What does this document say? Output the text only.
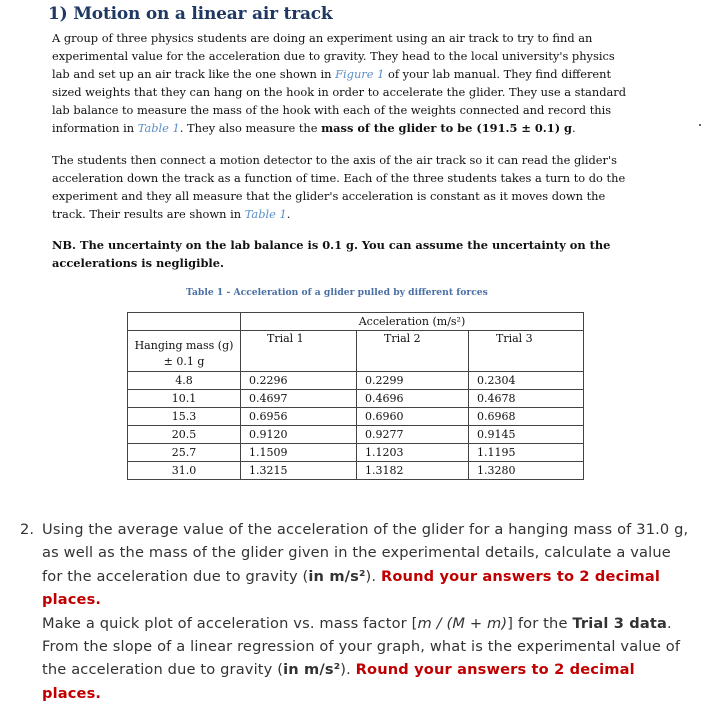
1) Motion on a linear air track
A group of three physics students are doing an experiment using an air track to try to find an experimental value for the acceleration due to gravity. They head to the local university's physics lab and set up an air track like the one shown in Figure 1 of your lab manual. They find different sized weights that they can hang on the hook in order to accelerate the glider. They use a standard lab balance to measure the mass of the hook with each of the weights connected and record this information in Table 1. They also measure the mass of the glider to be (191.5 ± 0.1) g.
The students then connect a motion detector to the axis of the air track so it can read the glider's acceleration down the track as a function of time. Each of the three students takes a turn to do the experiment and they all measure that the glider's acceleration is constant as it moves down the track. Their results are shown in Table 1.
NB. The uncertainty on the lab balance is 0.1 g. You can assume the uncertainty on the accelerations is negligible.
Table 1 - Acceleration of a glider pulled by different forces
	Acceleration (m/s²)		

Hanging mass (g)
± 0.1 g	Trial 1	Trial 2	Trial 3

4.8	0.2296	0.2299	0.2304
10.1	0.4697	0.4696	0.4678
15.3	0.6956	0.6960	0.6968
20.5	0.9120	0.9277	0.9145
25.7	1.1509	1.1203	1.1195
31.0	1.3215	1.3182	1.3280
2. Using the average value of the acceleration of the glider for a hanging mass of 31.0 g, as well as the mass of the glider given in the experimental details, calculate a value for the acceleration due to gravity (in m/s²). Round your answers to 2 decimal places.
Make a quick plot of acceleration vs. mass factor [m / (M + m)] for the Trial 3 data. From the slope of a linear regression of your graph, what is the experimental value of the acceleration due to gravity (in m/s²). Round your answers to 2 decimal places.
